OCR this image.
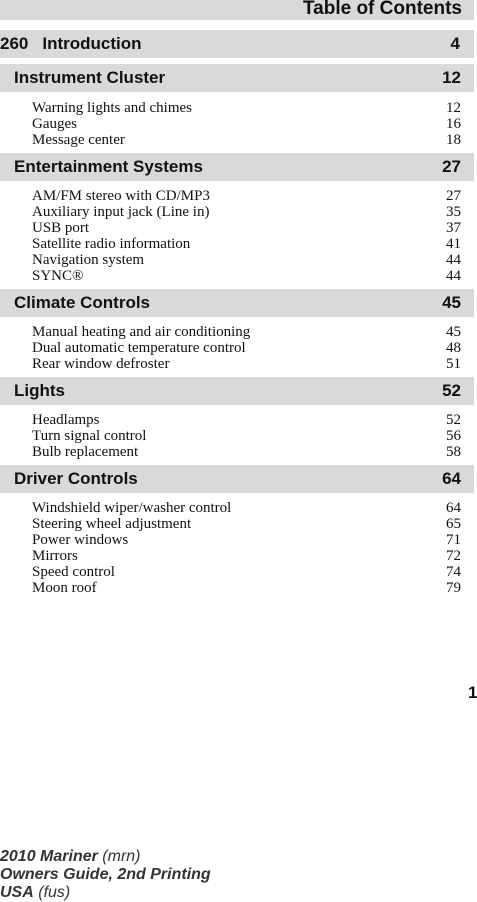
Table of Contents
260 Introduction	4
Instrument Cluster	12
Warning lights and chimes	12
Gauges	16
Message center	18
Entertainment Systems	27
AM/FM stereo with CD/MP3	27
Auxiliary input jack (Line in)	35
USB port	37
Satellite radio information	41
Navigation system	44
SYNC®	44
Climate Controls	45
Manual heating and air conditioning	45
Dual automatic temperature control	48
Rear window defroster	51
Lights	52
Headlamps	52
Turn signal control	56
Bulb replacement	58
Driver Controls	64
Windshield wiper/washer control	64
Steering wheel adjustment	65
Power windows	71
Mirrors	72
Speed control	74
Moon roof	79
1
2010 Mariner (mrn)
Owners Guide, 2nd Printing
USA (fus)
